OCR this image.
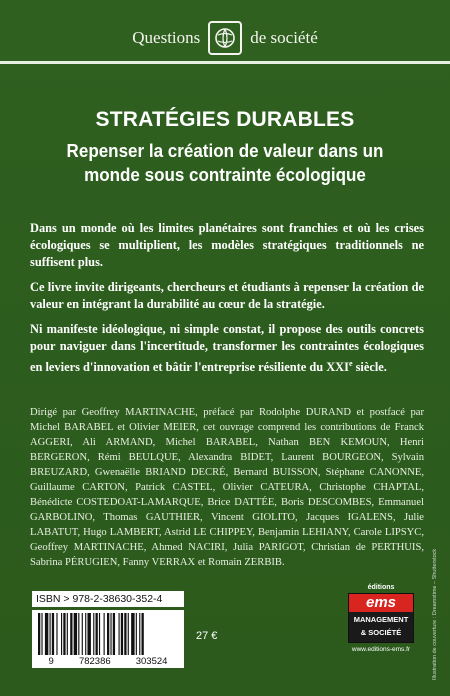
Questions	de société
STRATÉGIES DURABLES
Repenser la création de valeur dans un monde sous contrainte écologique

Dans un monde où les limites planétaires sont franchies et où les crises écologiques se multiplient, les modèles stratégiques traditionnels ne suffisent plus.

Ce livre invite dirigeants, chercheurs et étudiants à repenser la création de valeur en intégrant la durabilité au cœur de la stratégie.

Ni manifeste idéologique, ni simple constat, il propose des outils concrets pour naviguer dans l'incertitude, transformer les contraintes écologiques en leviers d'innovation et bâtir l'entreprise résiliente du XXIe siècle.

Dirigé par Geoffrey MARTINACHE, préfacé par Rodolphe DURAND et postfacé par Michel BARABEL et Olivier MEIER, cet ouvrage comprend les contributions de Franck AGGERI, Ali ARMAND, Michel BARABEL, Nathan BEN KEMOUN, Henri BERGERON, Rémi BEULQUE, Alexandra BIDET, Laurent BOURGEON, Sylvain BREUZARD, Gwenaëlle BRIAND DECRÉ, Bernard BUISSON, Stéphane CANONNE, Guillaume CARTON, Patrick CASTEL, Olivier CATEURA, Christophe CHAPTAL, Bénédicte COSTEDOAT-LAMARQUE, Brice DATTÉE, Boris DESCOMBES, Emmanuel GARBOLINO, Thomas GAUTHIER, Vincent GIOLITO, Jacques IGALENS, Julie LABATUT, Hugo LAMBERT, Astrid LE CHIPPEY, Benjamin LEHIANY, Carole LIPSYC, Geoffrey MARTINACHE, Ahmed NACIRI, Julia PARIGOT, Christian de PERTHUIS, Sabrina PÉRUGIEN, Fanny VERRAX et Romain ZERBIB.
ISBN > 978-2-38630-352-4
9	782386	303524
27 €
éditions
ems
MANAGEMENT
& SOCIÉTÉ
www.editions-ems.fr	Illustration de couverture : Dreamstime – Shutterstock
